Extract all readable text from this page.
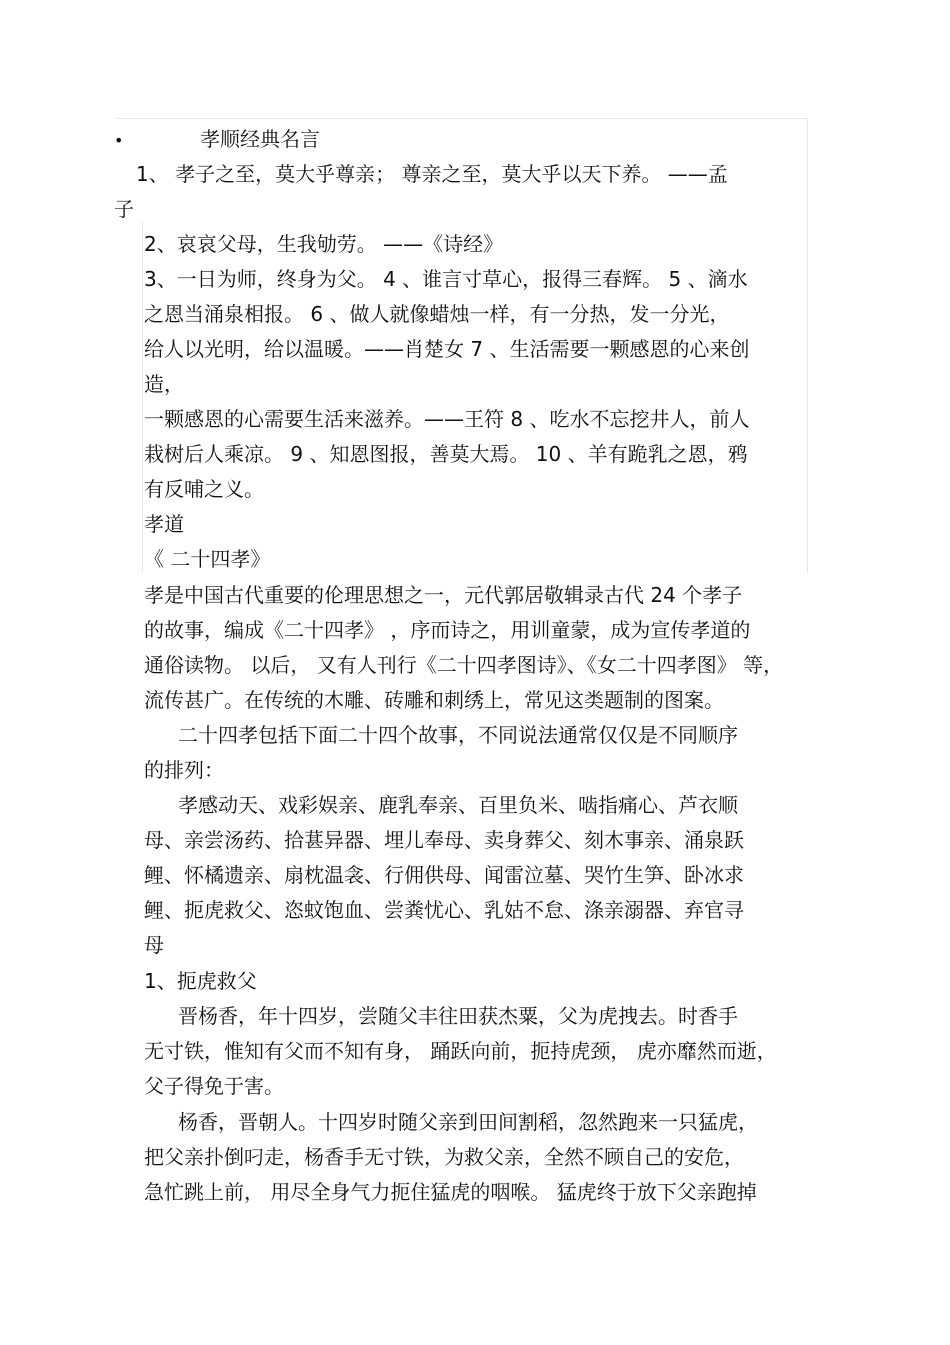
•	孝顺经典名言
1、 孝子之至，莫大乎尊亲； 尊亲之至，莫大乎以天下养。 ——孟
子
2、哀哀父母，生我劬劳。 ——《诗经》
3、一日为师，终身为父。 4 、谁言寸草心，报得三春辉。 5 、滴水
之恩当涌泉相报。 6 、做人就像蜡烛一样，有一分热，发一分光，
给人以光明，给以温暖。——肖楚女 7 、生活需要一颗感恩的心来创
造，
一颗感恩的心需要生活来滋养。——王符 8 、吃水不忘挖井人，前人
栽树后人乘凉。 9 、知恩图报，善莫大焉。 10 、羊有跪乳之恩，鸦
有反哺之义。
孝道
《 二十四孝》
孝是中国古代重要的伦理思想之一，元代郭居敬辑录古代 24 个孝子
的故事，编成《二十四孝》 ，序而诗之，用训童蒙，成为宣传孝道的
通俗读物。 以后， 又有人刊行《二十四孝图诗》、《女二十四孝图》 等，
流传甚广。在传统的木雕、砖雕和刺绣上，常见这类题制的图案。
二十四孝包括下面二十四个故事，不同说法通常仅仅是不同顺序
的排列：
孝感动天、戏彩娱亲、鹿乳奉亲、百里负米、啮指痛心、芦衣顺
母、亲尝汤药、拾葚异器、埋儿奉母、卖身葬父、刻木事亲、涌泉跃
鲤、怀橘遗亲、扇枕温衾、行佣供母、闻雷泣墓、哭竹生笋、卧冰求
鲤、扼虎救父、恣蚊饱血、尝粪忧心、乳姑不怠、涤亲溺器、弃官寻
母
1、扼虎救父
晋杨香，年十四岁，尝随父丰往田获杰粟，父为虎拽去。时香手
无寸铁，惟知有父而不知有身， 踊跃向前，扼持虎颈， 虎亦靡然而逝，
父子得免于害。
杨香，晋朝人。十四岁时随父亲到田间割稻，忽然跑来一只猛虎，
把父亲扑倒叼走，杨香手无寸铁，为救父亲，全然不顾自己的安危，
急忙跳上前， 用尽全身气力扼住猛虎的咽喉。 猛虎终于放下父亲跑掉
